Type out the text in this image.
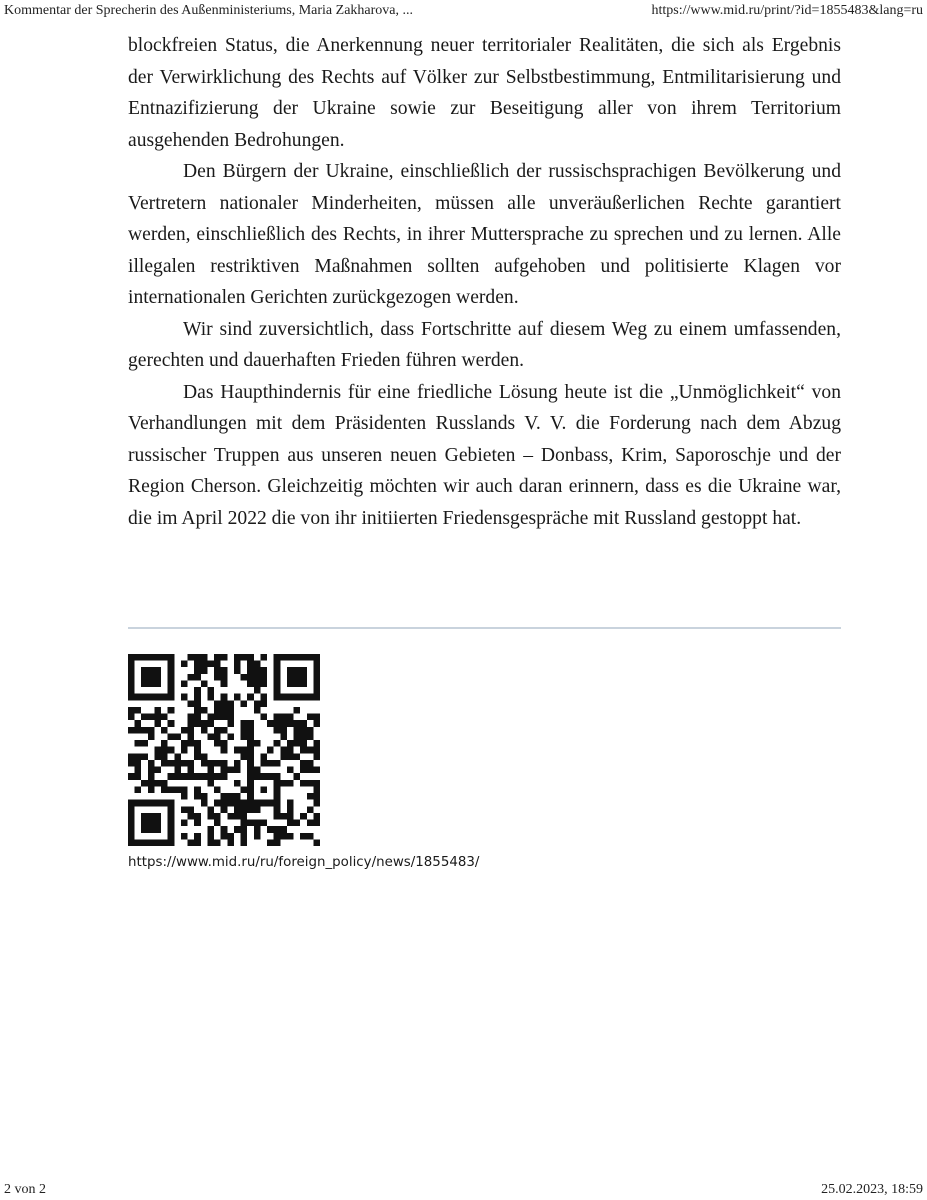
Kommentar der Sprecherin des Außenministeriums, Maria Zakharova, ...	https://www.mid.ru/print/?id=1855483&lang=ru

blockfreien Status, die Anerkennung neuer territorialer Realitäten, die sich als Ergebnis der Verwirklichung des Rechts auf Völker zur Selbstbestimmung, Entmilitarisierung und Entnazifizierung der Ukraine sowie zur Beseitigung aller von ihrem Territorium ausgehenden Bedrohungen.

Den Bürgern der Ukraine, einschließlich der russischsprachigen Bevölkerung und Vertretern nationaler Minderheiten, müssen alle unveräußerlichen Rechte garantiert werden, einschließlich des Rechts, in ihrer Muttersprache zu sprechen und zu lernen. Alle illegalen restriktiven Maßnahmen sollten aufgehoben und politisierte Klagen vor internationalen Gerichten zurückgezogen werden.

Wir sind zuversichtlich, dass Fortschritte auf diesem Weg zu einem umfassenden, gerechten und dauerhaften Frieden führen werden.

Das Haupthindernis für eine friedliche Lösung heute ist die „Unmöglichkeit“ von Verhandlungen mit dem Präsidenten Russlands V. V. die Forderung nach dem Abzug russischer Truppen aus unseren neuen Gebieten – Donbass, Krim, Saporoschje und der Region Cherson. Gleichzeitig möchten wir auch daran erinnern, dass es die Ukraine war, die im April 2022 die von ihr initiierten Friedensgespräche mit Russland gestoppt hat.

https://www.mid.ru/ru/foreign_policy/news/1855483/
2 von 2	25.02.2023, 18:59
